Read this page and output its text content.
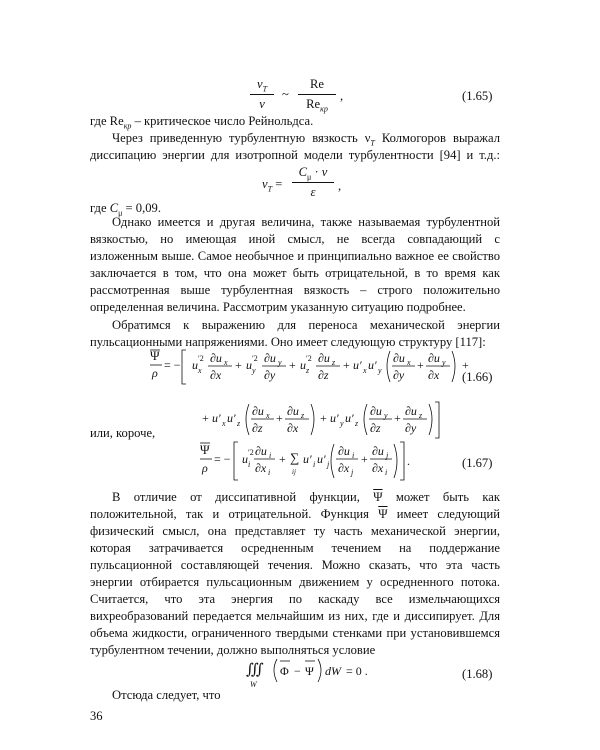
$\nu_T$
ν
~
Re
$Re_{кр}$
,	(1.65)
где $Re_{кр}$ – критическое число Рейнольдса.
Через приведенную турбулентную вязкость $\nu_T$ Колмогоров выражал
диссипацию энергии для изотропной модели турбулентности [94] и т.д.:
$\nu_T$ =
$C_\mu \cdot \nu$
ε	,
где $C_\mu = 0,09$.
Однако имеется и другая величина, также называемая турбулентной
вязкостью, но имеющая иной смысл, не всегда совпадающий с
изложенным выше. Самое необычное и принципиально важное ее свойство
заключается в том, что она может быть отрицательной, в то время как
рассмотренная выше турбулентная вязкость – строго положительно
определенная величина. Рассмотрим указанную ситуацию подробнее.
Обратимся к выражению для переноса механической энергии
пульсационными напряжениями. Оно имеет следующую структуру [117]:
Ψ
ρ
= − u ′2
x
∂u x
∂x
+ u ′2
y
∂u y
∂y
+ u ′2
z
∂u z
∂z
+ u′ x u′ y
∂u x
∂y
+ ∂u y
∂x
+
+ u′ x u′ z
∂u x
∂z
+ ∂u z
∂x
+ u′ y u′ z
∂u y
∂z
+ ∂u z
∂y
(1.66)
или, короче,
Ψ
ρ
= − u ′2
i
∂u i
∂x i
+ ∑
ij
u′ i u′ j
∂u i
∂x j
+
∂u j
∂x i
.	(1.67)
В отличие от диссипативной функции, $\overline{\Psi}$ может быть как
положительной, так и отрицательной. Функция $\overline{\Psi}$ имеет следующий
физический смысл, она представляет ту часть механической энергии,
которая затрачивается осредненным течением на поддержание
пульсационной составляющей течения. Можно сказать, что эта часть
энергии отбирается пульсационным движением у осредненного потока.
Считается, что эта энергия по каскаду все измельчающихся
вихреобразований передается мельчайшим из них, где и диссипирует. Для
объема жидкости, ограниченного твердыми стенками при установившемся
турбулентном течении, должно выполняться условие
∭
W
Φ − Ψ dW = 0 .	(1.68)
Отсюда следует, что
36
